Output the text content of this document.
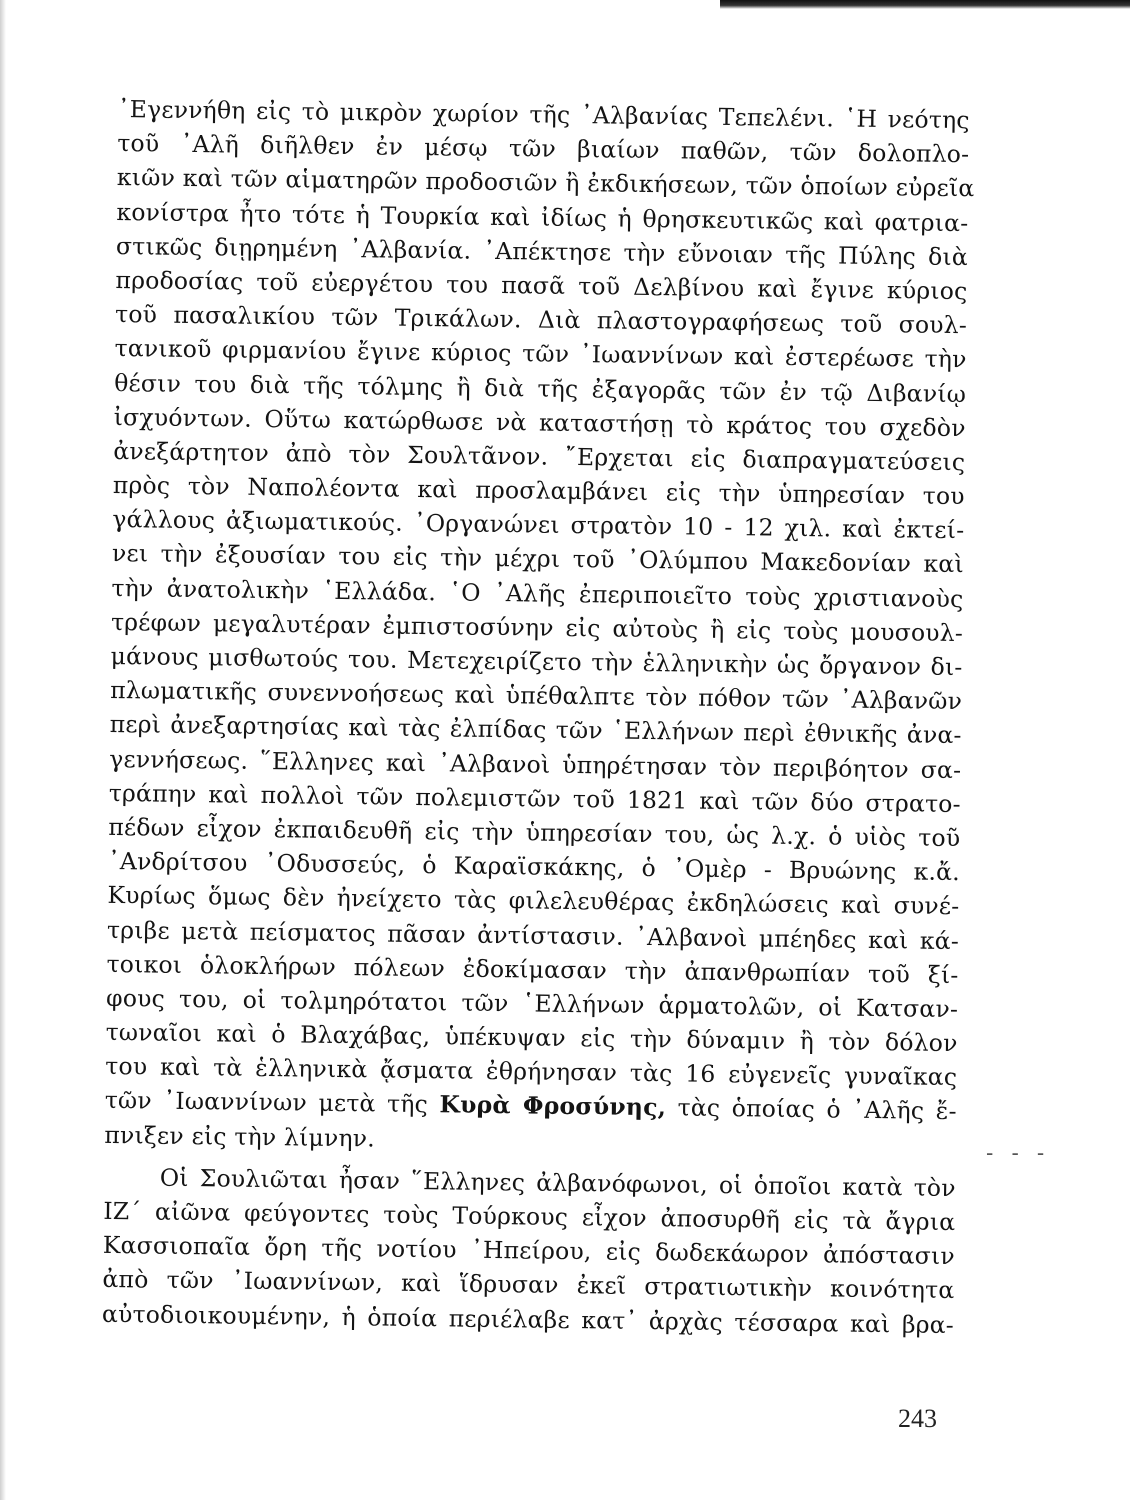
᾿Εγεννήθη εἰς τὸ μικρὸν χωρίον τῆς ᾿Αλβανίας Τεπελένι. ῾Η νεότης
τοῦ ᾿Αλῆ διῆλθεν ἐν μέσῳ τῶν βιαίων παθῶν, τῶν δολοπλο-
κιῶν καὶ τῶν αἱματηρῶν προδοσιῶν ἢ ἐκδικήσεων, τῶν ὁποίων εὐρεῖα
κονίστρα ἦτο τότε ἡ Τουρκία καὶ ἰδίως ἡ θρησκευτικῶς καὶ φατρια-
στικῶς διῃρημένη ᾿Αλβανία. ᾿Απέκτησε τὴν εὔνοιαν τῆς Πύλης διὰ
προδοσίας τοῦ εὐεργέτου του πασᾶ τοῦ Δελβίνου καὶ ἔγινε κύριος
τοῦ πασαλικίου τῶν Τρικάλων. Διὰ πλαστογραφήσεως τοῦ σουλ-
τανικοῦ φιρμανίου ἔγινε κύριος τῶν ᾿Ιωαννίνων καὶ ἐστερέωσε τὴν
θέσιν του διὰ τῆς τόλμης ἢ διὰ τῆς ἐξαγορᾶς τῶν ἐν τῷ Διβανίῳ
ἰσχυόντων. Οὕτω κατώρθωσε νὰ καταστήσῃ τὸ κράτος του σχεδὸν
ἀνεξάρτητον ἀπὸ τὸν Σουλτᾶνον. ῎Ερχεται εἰς διαπραγματεύσεις
πρὸς τὸν Ναπολέοντα καὶ προσλαμβάνει εἰς τὴν ὑπηρεσίαν του
γάλλους ἀξιωματικούς. ᾿Οργανώνει στρατὸν 10 - 12 χιλ. καὶ ἐκτεί-
νει τὴν ἐξουσίαν του εἰς τὴν μέχρι τοῦ ᾿Ολύμπου Μακεδονίαν καὶ
τὴν ἀνατολικὴν ῾Ελλάδα. ῾Ο ᾿Αλῆς ἐπεριποιεῖτο τοὺς χριστιανοὺς
τρέφων μεγαλυτέραν ἐμπιστοσύνην εἰς αὐτοὺς ἢ εἰς τοὺς μουσουλ-
μάνους μισθωτούς του. Μετεχειρίζετο τὴν ἑλληνικὴν ὡς ὄργανον δι-
πλωματικῆς συνεννοήσεως καὶ ὑπέθαλπτε τὸν πόθον τῶν ᾿Αλβανῶν
περὶ ἀνεξαρτησίας καὶ τὰς ἐλπίδας τῶν ῾Ελλήνων περὶ ἐθνικῆς ἀνα-
γεννήσεως. ῞Ελληνες καὶ ᾿Αλβανοὶ ὑπηρέτησαν τὸν περιβόητον σα-
τράπην καὶ πολλοὶ τῶν πολεμιστῶν τοῦ 1821 καὶ τῶν δύο στρατο-
πέδων εἶχον ἐκπαιδευθῆ εἰς τὴν ὑπηρεσίαν του, ὡς λ.χ. ὁ υἱὸς τοῦ
᾿Ανδρίτσου ᾿Οδυσσεύς, ὁ Καραϊσκάκης, ὁ ᾿Ομὲρ - Βρυώνης κ.ἄ.
Κυρίως ὅμως δὲν ἠνείχετο τὰς φιλελευθέρας ἐκδηλώσεις καὶ συνέ-
τριβε μετὰ πείσματος πᾶσαν ἀντίστασιν. ᾿Αλβανοὶ μπέηδες καὶ κά-
τοικοι ὁλοκλήρων πόλεων ἐδοκίμασαν τὴν ἀπανθρωπίαν τοῦ ξί-
φους του, οἱ τολμηρότατοι τῶν ῾Ελλήνων ἁρματολῶν, οἱ Κατσαν-
τωναῖοι καὶ ὁ Βλαχάβας, ὑπέκυψαν εἰς τὴν δύναμιν ἢ τὸν δόλον
του καὶ τὰ ἑλληνικὰ ᾄσματα ἐθρήνησαν τὰς 16 εὐγενεῖς γυναῖκας
τῶν ᾿Ιωαννίνων μετὰ τῆς Κυρὰ Φροσύνης, τὰς ὁποίας ὁ ᾿Αλῆς ἔ-
πνιξεν εἰς τὴν λίμνην.
Οἱ Σουλιῶται ἦσαν ῞Ελληνες ἀλβανόφωνοι, οἱ ὁποῖοι κατὰ τὸν
ΙΖ΄ αἰῶνα φεύγοντες τοὺς Τούρκους εἶχον ἀποσυρθῆ εἰς τὰ ἄγρια
Κασσιοπαῖα ὄρη τῆς νοτίου ᾿Ηπείρου, εἰς δωδεκάωρον ἀπόστασιν
ἀπὸ τῶν ᾿Ιωαννίνων, καὶ ἵδρυσαν ἐκεῖ στρατιωτικὴν κοινότητα
αὐτοδιοικουμένην, ἡ ὁποία περιέλαβε κατ᾿ ἀρχὰς τέσσαρα καὶ βρα-
- - -
243
